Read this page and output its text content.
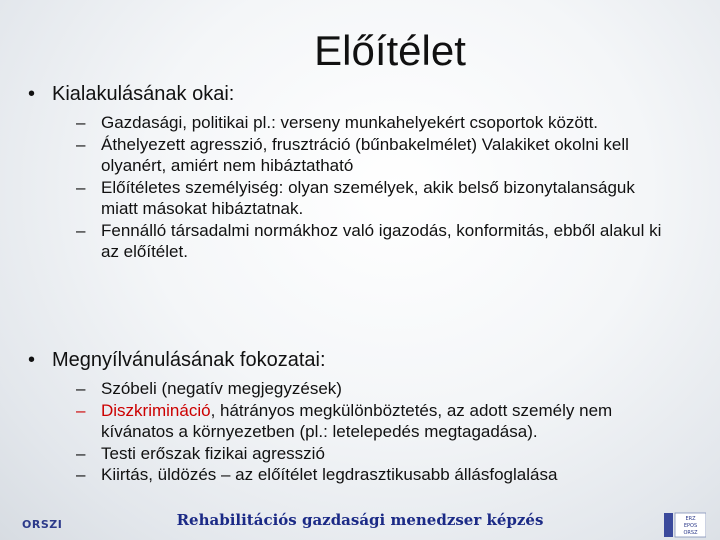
Előítélet
• Kialakulásának okai:
– Gazdasági, politikai pl.: verseny munkahelyekért csoportok között.
– Áthelyezett agresszió, frusztráció (bűnbakelmélet) Valakiket okolni kell olyanért, amiért nem hibáztatható
– Előítéletes személyiség: olyan személyek, akik belső bizonytalanságuk miatt másokat hibáztatnak.
– Fennálló társadalmi normákhoz való igazodás, konformitás, ebből alakul ki az előítélet.
• Megnyílvánulásának fokozatai:
– Szóbeli (negatív megjegyzések)
– Diszkrimináció, hátrányos megkülönböztetés, az adott személy nem kívánatos a környezetben (pl.: letelepedés megtagadása).
– Testi erőszak fizikai agresszió
– Kiirtás, üldözés – az előítélet legdrasztikusabb állásfoglalása
ORSZI	Rehabilitációs gazdasági menedzser képzés	ERZ
EPOS
ORSZ
